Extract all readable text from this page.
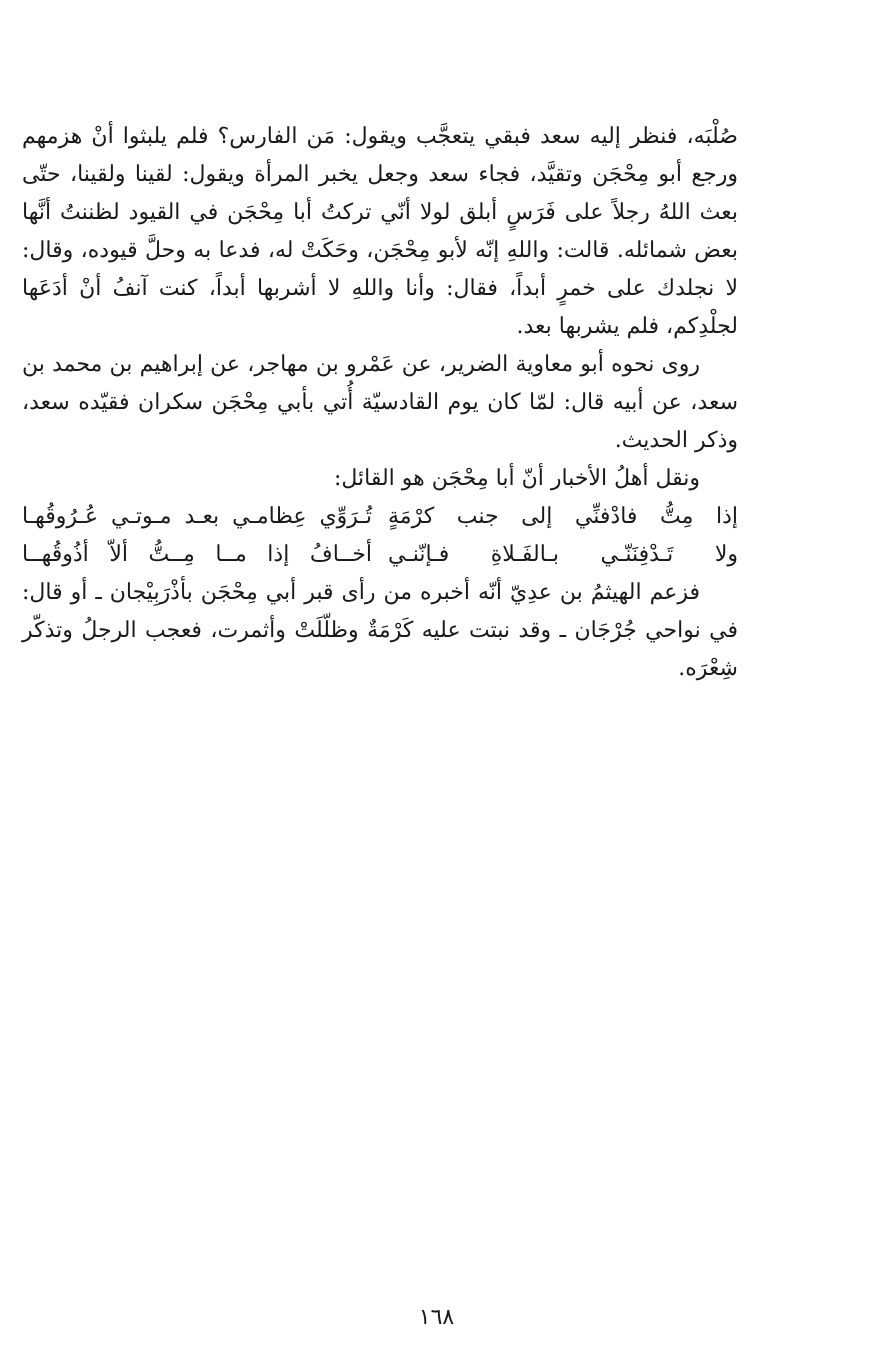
صُلْبَه، فنظر إليه سعد فبقي يتعجَّب ويقول: مَن الفارس؟ فلم يلبثوا أنْ هزمهم ورجع أبو مِحْجَن وتقيَّد، فجاء سعد وجعل يخبر المرأة ويقول: لقينا ولقينا، حتّى بعث اللهُ رجلاً على فَرَسٍ أبلق لولا أنّي تركتُ أبا مِحْجَن في القيود لظننتُ أنَّها بعض شمائله. قالت: واللهِ إنّه لأبو مِحْجَن، وحَكَتْ له، فدعا به وحلَّ قيوده، وقال: لا نجلدك على خمرٍ أبداً، فقال: وأنا واللهِ لا أشربها أبداً، كنت آنفُ أنْ أدَعَها لجلْدِكم، فلم يشربها بعد.

روى نحوه أبو معاوية الضرير، عن عَمْرو بن مهاجر، عن إبراهيم بن محمد بن سعد، عن أبيه قال: لمّا كان يوم القادسيّة أُتي بأبي مِحْجَن سكران فقيّده سعد، وذكر الحديث.

ونقل أهلُ الأخبار أنّ أبا مِحْجَن هو القائل:

إذا مِتُّ فادْفنِّي إلى جنب كرْمَةٍ
تُـرَوِّي عِظامـي بعـد مـوتـي عُـرُوقُهـا
ولا تَـدْفِنَنّـي بـالفَـلاةِ فـإنّنـي
أخــافُ إذا مــا مِــتُّ ألاّ أذُوقُهــا

فزعم الهيثمُ بن عدِيّ أنّه أخبره من رأى قبر أبي مِحْجَن بأذْرَبِيْجان ـ أو قال: في نواحي جُرْجَان ـ وقد نبتت عليه كَرْمَةٌ وظلّلَتْ وأثمرت، فعجب الرجلُ وتذكّر شِعْرَه.

١٦٨
